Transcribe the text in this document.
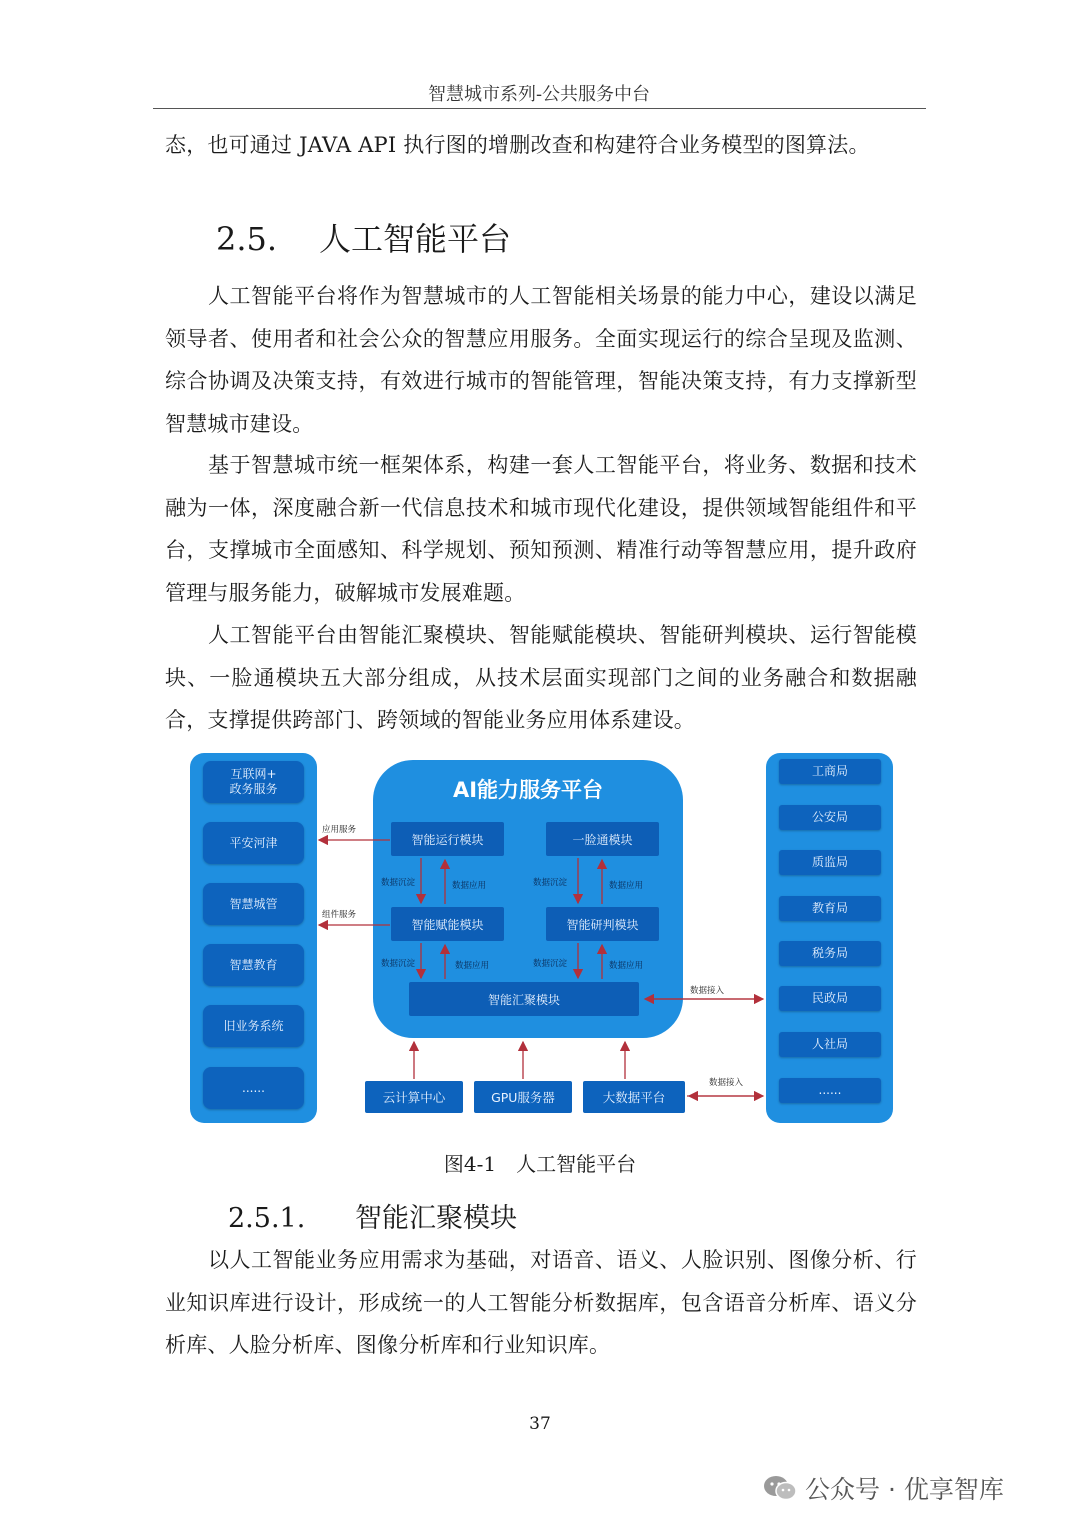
智慧城市系列-公共服务中台

态，也可通过 JAVA API 执行图的增删改查和构建符合业务模型的图算法。

2.5. 人工智能平台

人工智能平台将作为智慧城市的人工智能相关场景的能力中心，建设以满足领导者、使用者和社会公众的智慧应用服务。全面实现运行的综合呈现及监测、综合协调及决策支持，有效进行城市的智能管理，智能决策支持，有力支撑新型智慧城市建设。

基于智慧城市统一框架体系，构建一套人工智能平台，将业务、数据和技术融为一体，深度融合新一代信息技术和城市现代化建设，提供领域智能组件和平台，支撑城市全面感知、科学规划、预知预测、精准行动等智慧应用，提升政府管理与服务能力，破解城市发展难题。

人工智能平台由智能汇聚模块、智能赋能模块、智能研判模块、运行智能模块、一脸通模块五大部分组成，从技术层面实现部门之间的业务融合和数据融合，支撑提供跨部门、跨领域的智能业务应用体系建设。

AI能力服务平台
互联网+
政务服务
平安河津
智慧城管
智慧教育
旧业务系统
......
工商局
公安局
质监局
教育局
税务局
民政局
人社局
......
智能运行模块	一脸通模块
智能赋能模块	智能研判模块
智能汇聚模块
云计算中心	GPU服务器	大数据平台
应用服务
组件服务
数据沉淀	数据应用	数据沉淀	数据应用
数据沉淀	数据应用	数据沉淀	数据应用
数据接入
数据接入
图4-1　人工智能平台
2.5.1. 智能汇聚模块

以人工智能业务应用需求为基础，对语音、语义、人脸识别、图像分析、行业知识库进行设计，形成统一的人工智能分析数据库，包含语音分析库、语义分析库、人脸分析库、图像分析库和行业知识库。

37
公众号 · 优享智库
